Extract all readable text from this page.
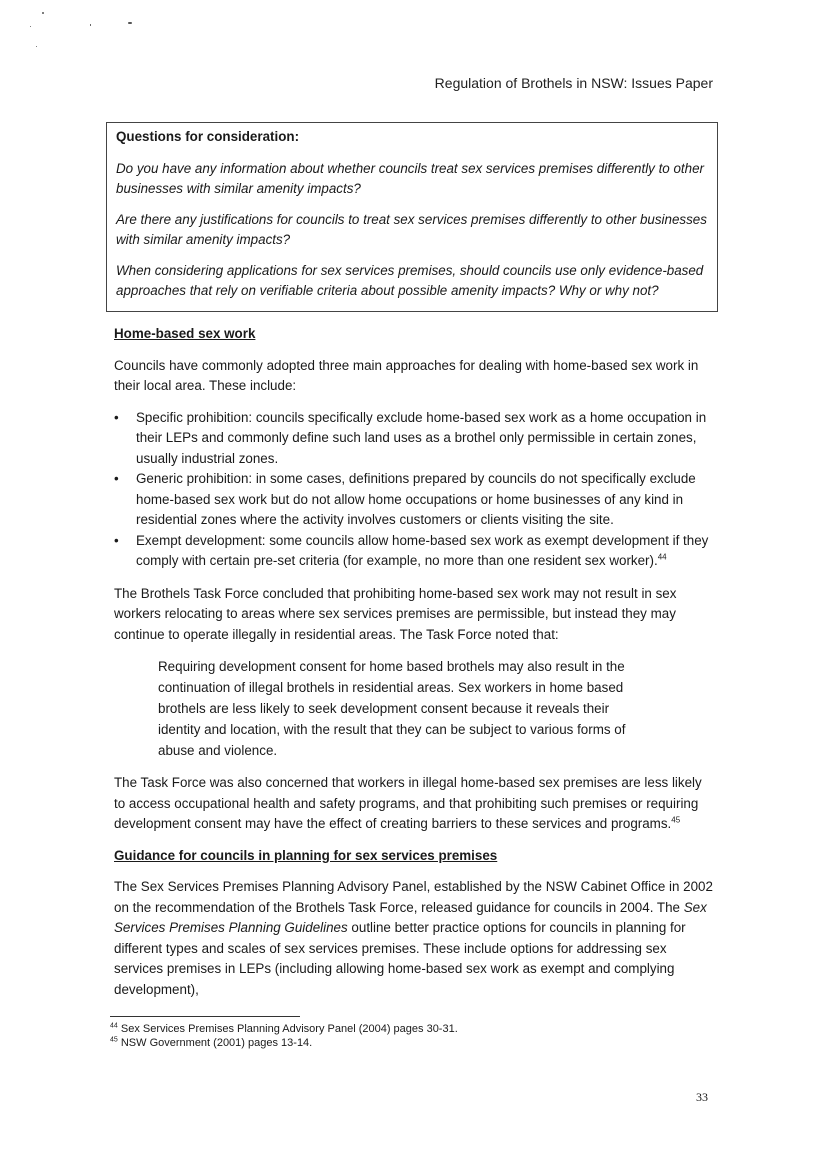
Regulation of Brothels in NSW: Issues Paper
Questions for consideration:
Do you have any information about whether councils treat sex services premises differently to other businesses with similar amenity impacts?
Are there any justifications for councils to treat sex services premises differently to other businesses with similar amenity impacts?
When considering applications for sex services premises, should councils use only evidence-based approaches that rely on verifiable criteria about possible amenity impacts? Why or why not?
Home-based sex work
Councils have commonly adopted three main approaches for dealing with home-based sex work in their local area. These include:
• Specific prohibition: councils specifically exclude home-based sex work as a home occupation in their LEPs and commonly define such land uses as a brothel only permissible in certain zones, usually industrial zones.
• Generic prohibition: in some cases, definitions prepared by councils do not specifically exclude home-based sex work but do not allow home occupations or home businesses of any kind in residential zones where the activity involves customers or clients visiting the site.
• Exempt development: some councils allow home-based sex work as exempt development if they comply with certain pre-set criteria (for example, no more than one resident sex worker).$^{44}$
The Brothels Task Force concluded that prohibiting home-based sex work may not result in sex workers relocating to areas where sex services premises are permissible, but instead they may continue to operate illegally in residential areas. The Task Force noted that:
Requiring development consent for home based brothels may also result in the continuation of illegal brothels in residential areas. Sex workers in home based brothels are less likely to seek development consent because it reveals their identity and location, with the result that they can be subject to various forms of abuse and violence.
The Task Force was also concerned that workers in illegal home-based sex premises are less likely to access occupational health and safety programs, and that prohibiting such premises or requiring development consent may have the effect of creating barriers to these services and programs.$^{45}$
Guidance for councils in planning for sex services premises
The Sex Services Premises Planning Advisory Panel, established by the NSW Cabinet Office in 2002 on the recommendation of the Brothels Task Force, released guidance for councils in 2004. The Sex Services Premises Planning Guidelines outline better practice options for councils in planning for different types and scales of sex services premises. These include options for addressing sex services premises in LEPs (including allowing home-based sex work as exempt and complying development),
$^{44}$ Sex Services Premises Planning Advisory Panel (2004) pages 30-31.
$^{45}$ NSW Government (2001) pages 13-14.
33
